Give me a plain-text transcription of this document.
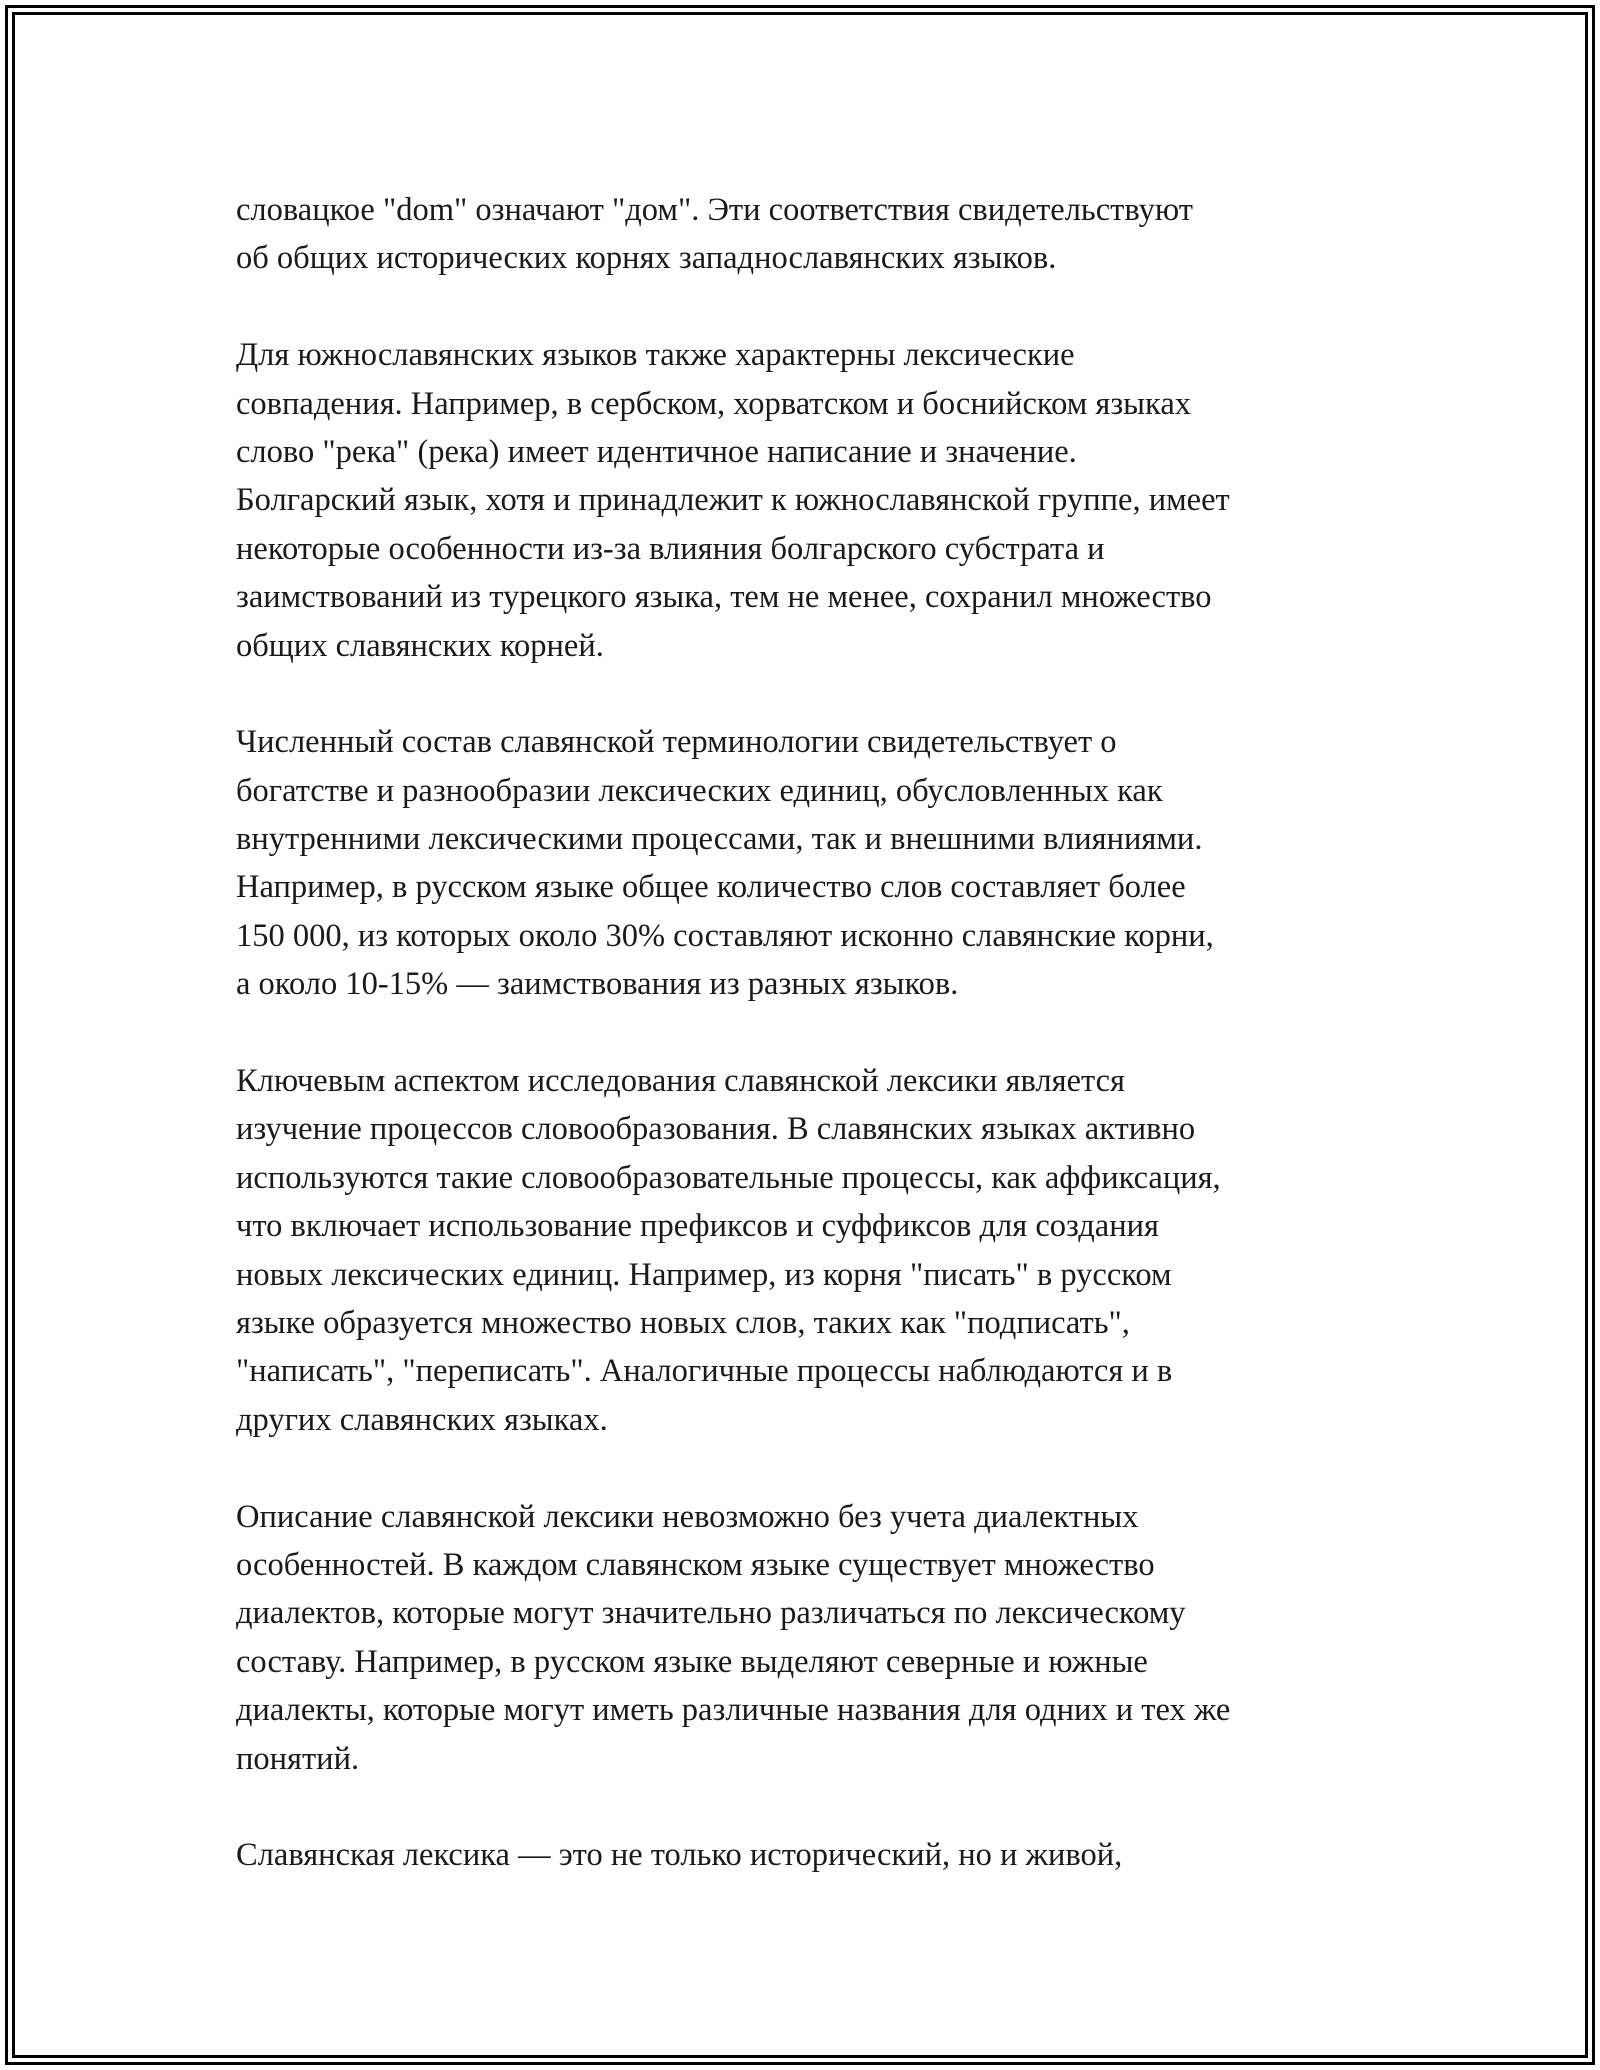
словацкое "dom" означают "дом". Эти соответствия свидетельствуют
об общих исторических корнях западнославянских языков.

Для южнославянских языков также характерны лексические
совпадения. Например, в сербском, хорватском и боснийском языках
слово "река" (река) имеет идентичное написание и значение.
Болгарский язык, хотя и принадлежит к южнославянской группе, имеет
некоторые особенности из-за влияния болгарского субстрата и
заимствований из турецкого языка, тем не менее, сохранил множество
общих славянских корней.

Численный состав славянской терминологии свидетельствует о
богатстве и разнообразии лексических единиц, обусловленных как
внутренними лексическими процессами, так и внешними влияниями.
Например, в русском языке общее количество слов составляет более
150 000, из которых около 30% составляют исконно славянские корни,
а около 10-15% — заимствования из разных языков.

Ключевым аспектом исследования славянской лексики является
изучение процессов словообразования. В славянских языках активно
используются такие словообразовательные процессы, как аффиксация,
что включает использование префиксов и суффиксов для создания
новых лексических единиц. Например, из корня "писать" в русском
языке образуется множество новых слов, таких как "подписать",
"написать", "переписать". Аналогичные процессы наблюдаются и в
других славянских языках.

Описание славянской лексики невозможно без учета диалектных
особенностей. В каждом славянском языке существует множество
диалектов, которые могут значительно различаться по лексическому
составу. Например, в русском языке выделяют северные и южные
диалекты, которые могут иметь различные названия для одних и тех же
понятий.

Славянская лексика — это не только исторический, но и живой,
